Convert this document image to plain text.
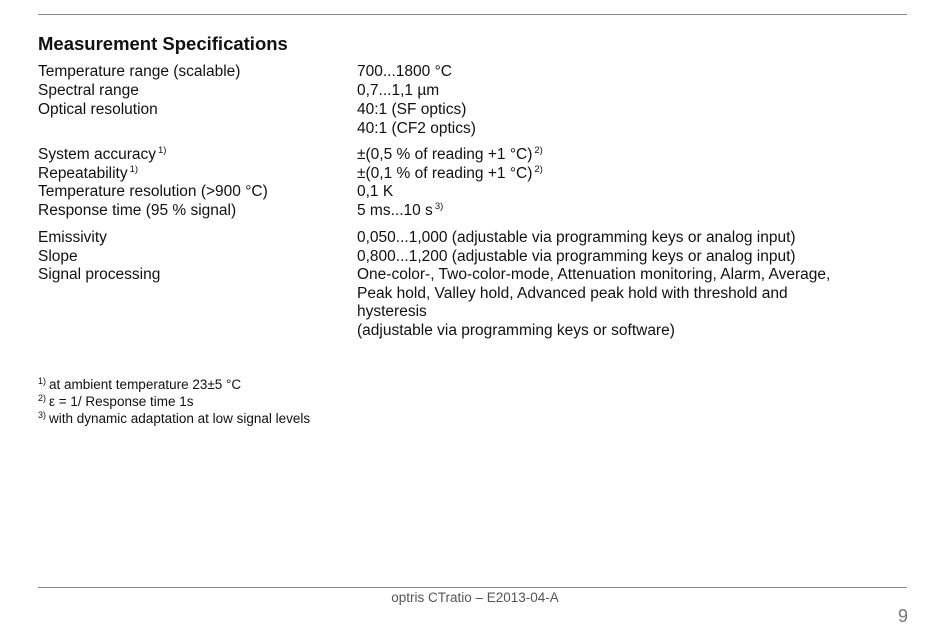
Measurement Specifications
Temperature range (scalable)	700...1800 °C
Spectral range	0,7...1,1 µm
Optical resolution	40:1 (SF optics)
40:1 (CF2 optics)
System accuracy $^{1)}$	±(0,5 % of reading +1 °C) $^{2)}$
Repeatability $^{1)}$	±(0,1 % of reading +1 °C) $^{2)}$
Temperature resolution (>900 °C)	0,1 K
Response time (95 % signal)	5 ms...10 s $^{3)}$
Emissivity	0,050...1,000 (adjustable via programming keys or analog input)
Slope	0,800...1,200 (adjustable via programming keys or analog input)
Signal processing	One-color-, Two-color-mode, Attenuation monitoring, Alarm, Average,
Peak hold, Valley hold, Advanced peak hold with threshold and
hysteresis
(adjustable via programming keys or software)
$^{1)}$ at ambient temperature 23±5 °C
$^{2)}$ ε = 1/ Response time 1s
$^{3)}$ with dynamic adaptation at low signal levels
optris CTratio – E2013-04-A
9
